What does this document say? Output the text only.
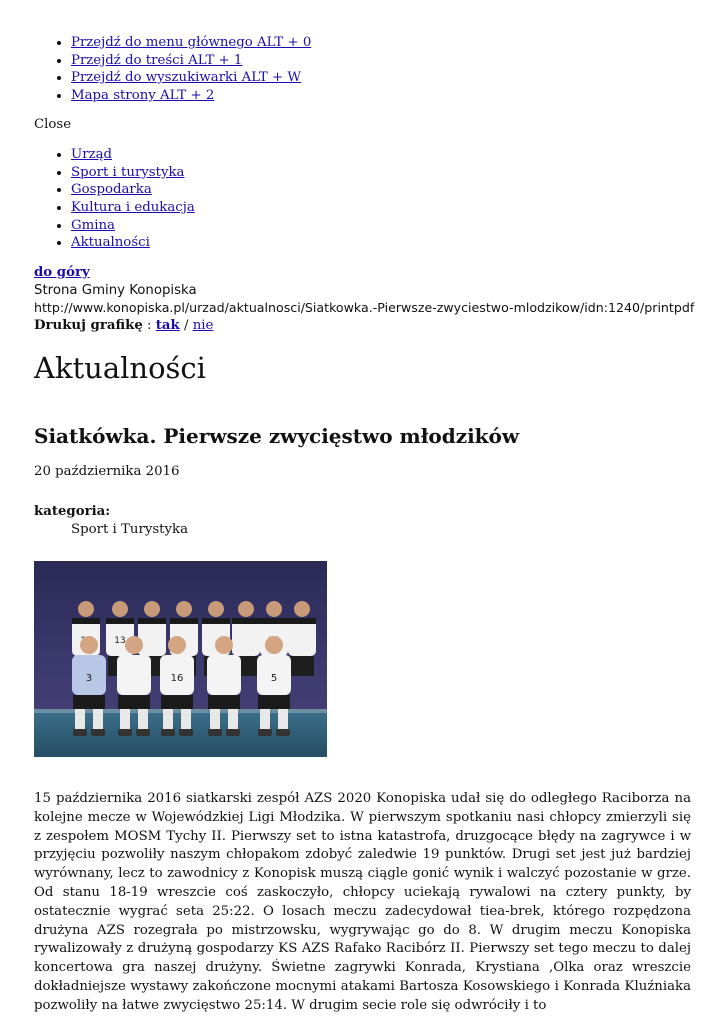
• Przejdź do menu głównego ALT + 0
• Przejdź do treści ALT + 1
• Przejdź do wyszukiwarki ALT + W
• Mapa strony ALT + 2
Close
• Urząd
• Sport i turystyka
• Gospodarka
• Kultura i edukacja
• Gmina
• Aktualności
do góry
Strona Gminy Konopiska
http://www.konopiska.pl/urzad/aktualnosci/Siatkowka.-Pierwsze-zwyciestwo-mlodzikow/idn:1240/printpdf
Drukuj grafikę : tak / nie
Aktualności
Siatkówka. Pierwsze zwycięstwo młodzików
20 października 2016
kategoria:
Sport i Turystyka
13
3	16	5
15 października 2016 siatkarski zespół AZS 2020 Konopiska udał się do odległego Raciborza na kolejne mecze w Wojewódzkiej Ligi Młodzika. W pierwszym spotkaniu nasi chłopcy zmierzyli się z zespołem MOSM Tychy II. Pierwszy set to istna katastrofa, druzgocące błędy na zagrywce i w przyjęciu pozwoliły naszym chłopakom zdobyć zaledwie 19 punktów. Drugi set jest już bardziej wyrównany, lecz to zawodnicy z Konopisk muszą ciągle gonić wynik i walczyć pozostanie w grze. Od stanu 18-19 wreszcie coś zaskoczyło, chłopcy uciekają rywalowi na cztery punkty, by ostatecznie wygrać seta 25:22. O losach meczu zadecydował tiea-brek, którego rozpędzona drużyna AZS rozegrała po mistrzowsku, wygrywając go do 8. W drugim meczu Konopiska rywalizowały z drużyną gospodarzy KS AZS Rafako Racibórz II. Pierwszy set tego meczu to dalej koncertowa gra naszej drużyny. Świetne zagrywki Konrada, Krystiana ,Olka oraz wreszcie dokładniejsze wystawy zakończone mocnymi atakami Bartosza Kosowskiego i Konrada Kluźniaka pozwoliły na łatwe zwycięstwo 25:14. W drugim secie role się odwróciły i to
